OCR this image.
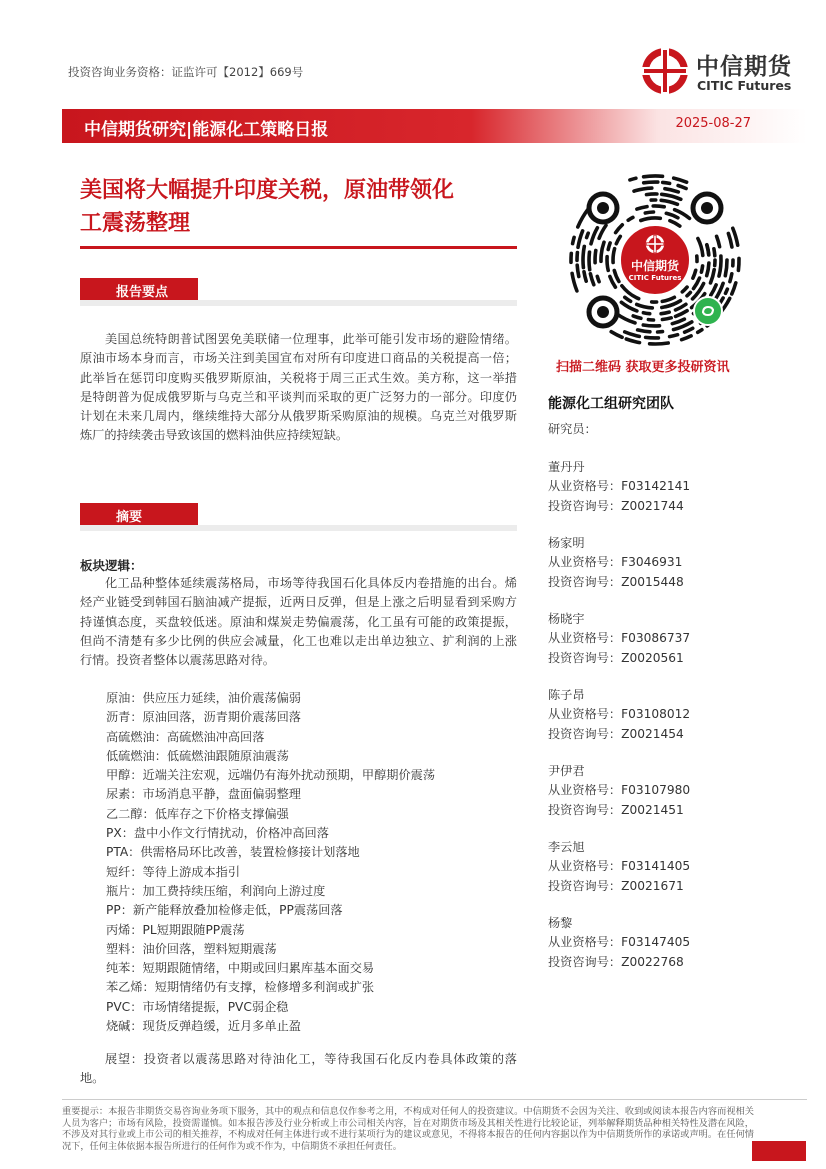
投资咨询业务资格：证监许可【2012】669号	中信期货
CITIC Futures
中信期货研究|能源化工策略日报	2025-08-27
美国将大幅提升印度关税，原油带领化
工震荡整理
报告要点

美国总统特朗普试图罢免美联储一位理事，此举可能引发市场的避险情绪。原油市场本身而言，市场关注到美国宣布对所有印度进口商品的关税提高一倍；此举旨在惩罚印度购买俄罗斯原油，关税将于周三正式生效。美方称，这一举措是特朗普为促成俄罗斯与乌克兰和平谈判而采取的更广泛努力的一部分。印度仍计划在未来几周内，继续维持大部分从俄罗斯采购原油的规模。乌克兰对俄罗斯炼厂的持续袭击导致该国的燃料油供应持续短缺。

摘要
板块逻辑：

化工品种整体延续震荡格局，市场等待我国石化具体反内卷措施的出台。烯烃产业链受到韩国石脑油减产提振，近两日反弹，但是上涨之后明显看到采购方持谨慎态度，买盘较低迷。原油和煤炭走势偏震荡，化工虽有可能的政策提振，但尚不清楚有多少比例的供应会减量，化工也难以走出单边独立、扩利润的上涨行情。投资者整体以震荡思路对待。

原油：供应压力延续，油价震荡偏弱
沥青：原油回落，沥青期价震荡回落
高硫燃油：高硫燃油冲高回落
低硫燃油：低硫燃油跟随原油震荡
甲醇：近端关注宏观，远端仍有海外扰动预期，甲醇期价震荡
尿素：市场消息平静，盘面偏弱整理
乙二醇：低库存之下价格支撑偏强
PX：盘中小作文行情扰动，价格冲高回落
PTA：供需格局环比改善，装置检修接计划落地
短纤：等待上游成本指引
瓶片：加工费持续压缩，利润向上游过度
PP：新产能释放叠加检修走低，PP震荡回落
丙烯：PL短期跟随PP震荡
塑料：油价回落，塑料短期震荡
纯苯：短期跟随情绪，中期或回归累库基本面交易
苯乙烯：短期情绪仍有支撑，检修增多利润或扩张
PVC：市场情绪提振，PVC弱企稳
烧碱：现货反弹趋缓，近月多单止盈

展望：投资者以震荡思路对待油化工，等待我国石化反内卷具体政策的落地。

中信期货
CITIC Futures
扫描二维码 获取更多投研资讯
能源化工组研究团队
研究员：
董丹丹
从业资格号：F03142141
投资咨询号：Z0021744
杨家明
从业资格号：F3046931
投资咨询号：Z0015448
杨晓宇
从业资格号：F03086737
投资咨询号：Z0020561
陈子昂
从业资格号：F03108012
投资咨询号：Z0021454
尹伊君
从业资格号：F03107980
投资咨询号：Z0021451
李云旭
从业资格号：F03141405
投资咨询号：Z0021671
杨黎
从业资格号：F03147405
投资咨询号：Z0022768
重要提示：本报告非期货交易咨询业务项下服务，其中的观点和信息仅作参考之用，不构成对任何人的投资建议。中信期货不会因为关注、收到或阅读本报告内容而视相关人员为客户；市场有风险，投资需谨慎。如本报告涉及行业分析或上市公司相关内容，旨在对期货市场及其相关性进行比较论证，列举解释期货品种相关特性及潜在风险，不涉及对其行业或上市公司的相关推荐，不构成对任何主体进行或不进行某项行为的建议或意见，不得将本报告的任何内容据以作为中信期货所作的承诺或声明。在任何情况下，任何主体依据本报告所进行的任何作为或不作为，中信期货不承担任何责任。
